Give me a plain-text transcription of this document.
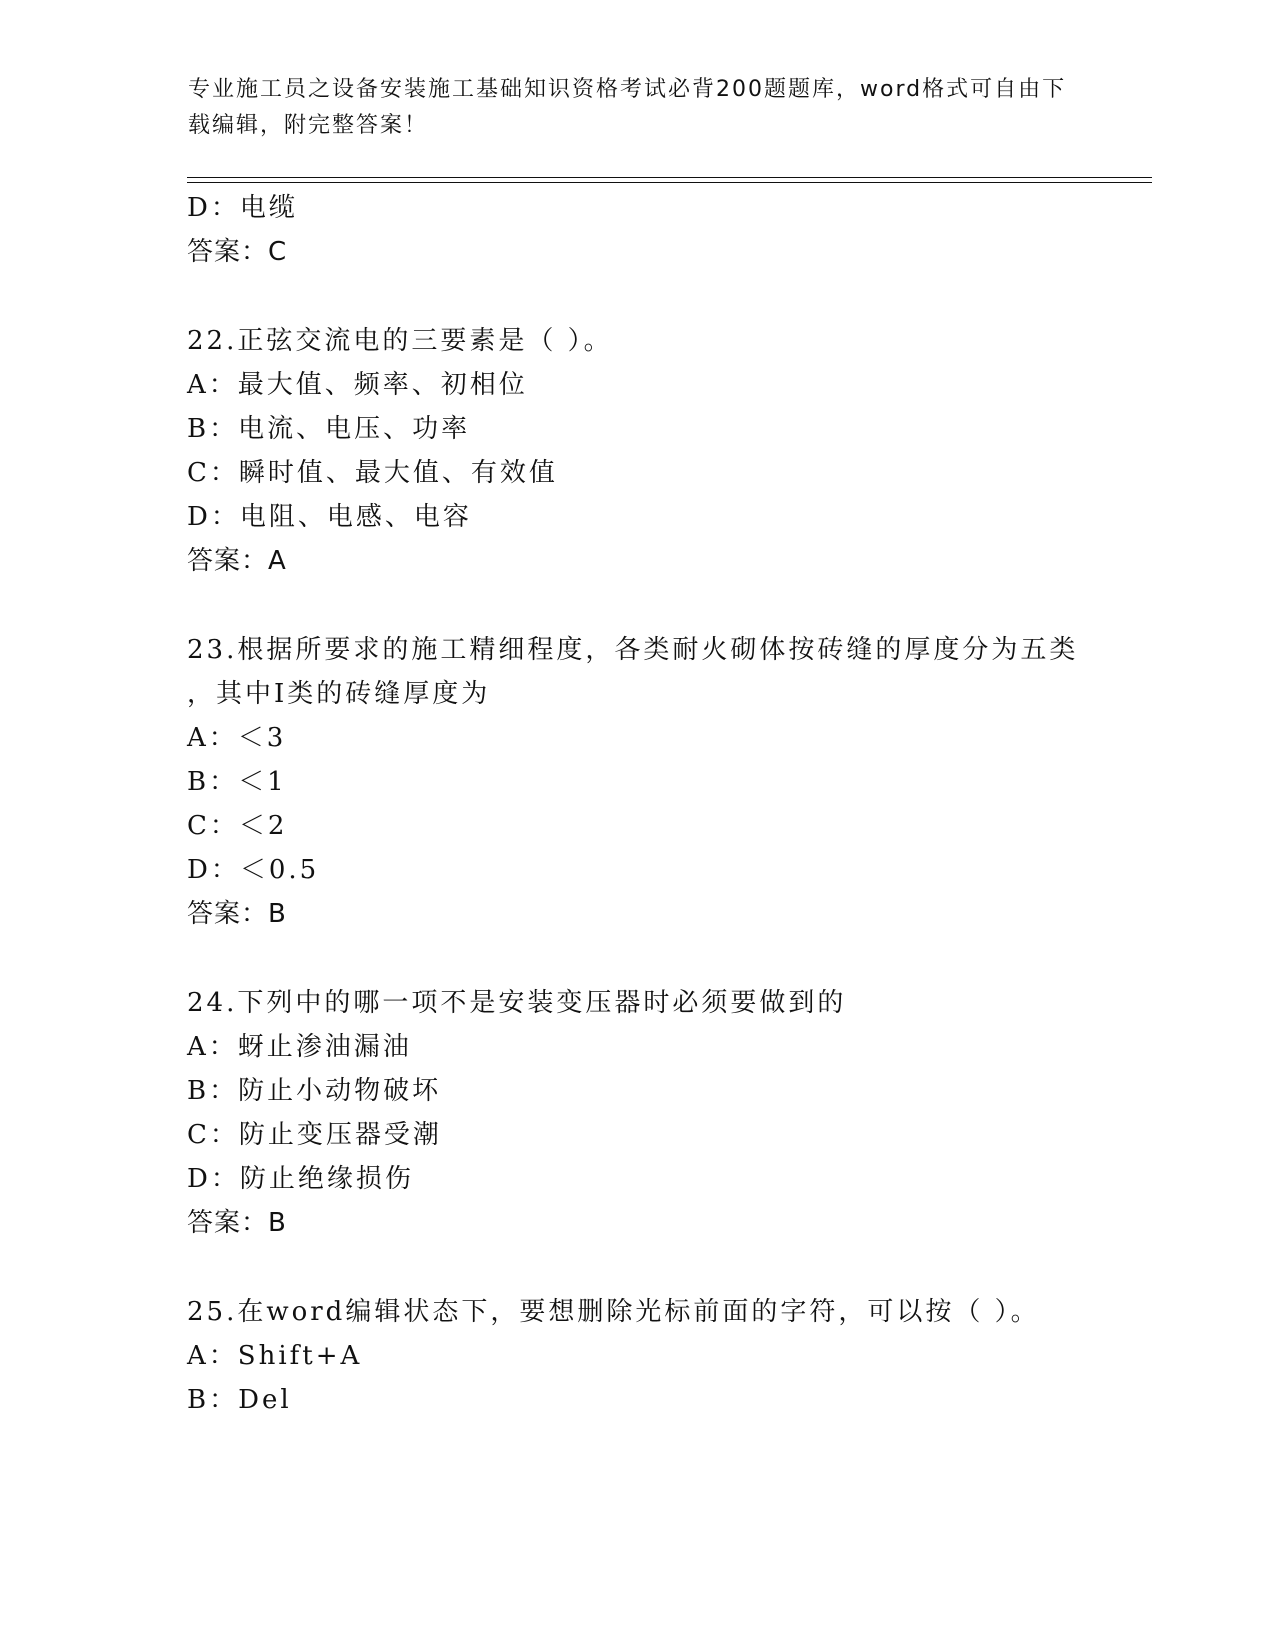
专业施工员之设备安装施工基础知识资格考试必背200题题库，word格式可自由下载编辑，附完整答案！
D：电缆
答案：C
22.正弦交流电的三要素是（ ）。
A：最大值、频率、初相位
B：电流、电压、功率
C：瞬时值、最大值、有效值
D：电阻、电感、电容
答案：A
23.根据所要求的施工精细程度，各类耐火砌体按砖缝的厚度分为五类
，其中Ⅰ类的砖缝厚度为
A：＜3
B：＜1
C：＜2
D：＜0.5
答案：B
24.下列中的哪一项不是安装变压器时必须要做到的
A：蚜止渗油漏油
B：防止小动物破坏
C：防止变压器受潮
D：防止绝缘损伤
答案：B
25.在word编辑状态下，要想删除光标前面的字符，可以按（ ）。
A：Shift+A
B：Del
